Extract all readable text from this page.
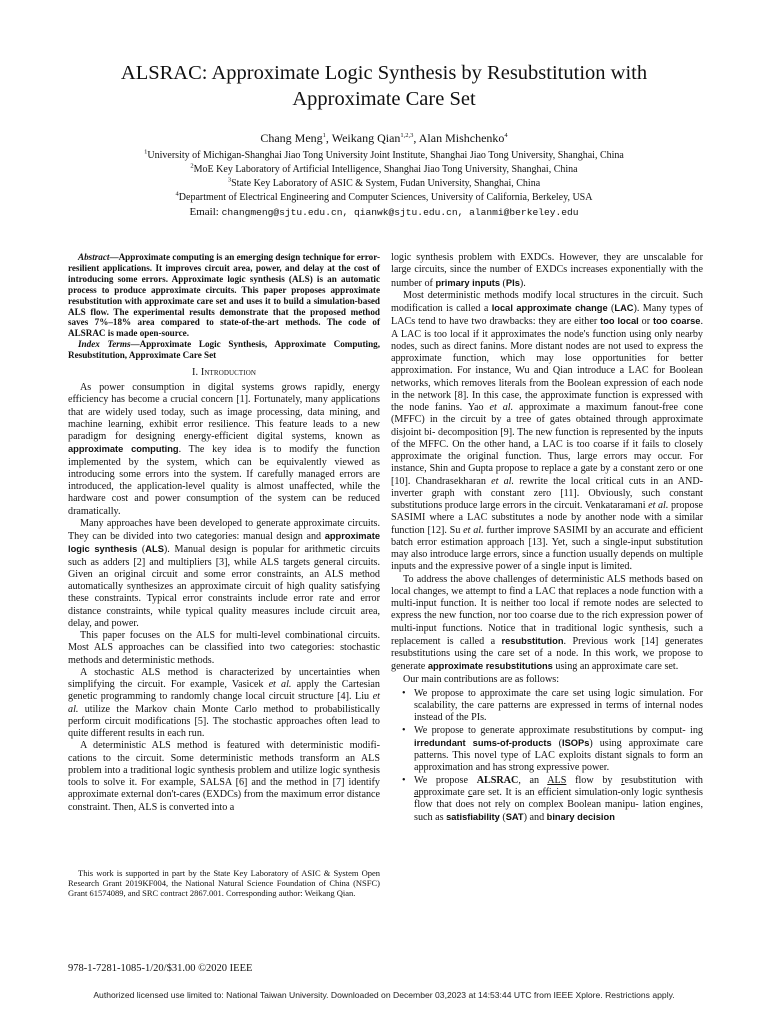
ALSRAC: Approximate Logic Synthesis by Resubstitution with
Approximate Care Set
Chang Meng$^1$, Weikang Qian$^{1,2,3}$, Alan Mishchenko$^4$
$^1$University of Michigan-Shanghai Jiao Tong University Joint Institute, Shanghai Jiao Tong University, Shanghai, China
$^2$MoE Key Laboratory of Artificial Intelligence, Shanghai Jiao Tong University, Shanghai, China
$^3$State Key Laboratory of ASIC & System, Fudan University, Shanghai, China
$^4$Department of Electrical Engineering and Computer Sciences, University of California, Berkeley, USA
Email: changmeng@sjtu.edu.cn, qianwk@sjtu.edu.cn, alanmi@berkeley.edu

Abstract—Approximate computing is an emerging design technique for error-resilient applications. It improves circuit area, power, and delay at the cost of introducing some errors. Approximate logic synthesis (ALS) is an automatic process to produce approximate circuits. This paper proposes approximate resubstitution with approximate care set and uses it to build a simulation-based ALS flow. The experimental results demonstrate that the proposed method saves 7%–18% area compared to state-of-the-art methods. The code of ALSRAC is made open-source.

Index Terms—Approximate Logic Synthesis, Approximate Computing, Resubstitution, Approximate Care Set

I. Introduction

As power consumption in digital systems grows rapidly, energy efficiency has become a crucial concern [1]. Fortunately, many applications that are widely used today, such as image processing, data mining, and machine learning, exhibit error resilience. This feature leads to a new paradigm for designing energy-efficient digital systems, known as approximate computing. The key idea is to modify the function implemented by the system, which can be equivalently viewed as introducing some errors into the system. If carefully managed errors are introduced, the application-level quality is almost unaffected, while the hardware cost and power consumption of the system can be reduced dramatically.

Many approaches have been developed to generate approximate circuits. They can be divided into two categories: manual design and approximate logic synthesis (ALS). Manual design is popular for arithmetic circuits such as adders [2] and multipliers [3], while ALS targets general circuits. Given an original circuit and some error constraints, an ALS method automatically synthesizes an approximate circuit of high quality satisfying these constraints. Typical error constraints include error rate and error distance constraints, while typical quality measures include circuit area, delay, and power.

This paper focuses on the ALS for multi-level combinational circuits. Most ALS approaches can be classified into two categories: stochastic methods and deterministic methods.

A stochastic ALS method is characterized by uncertainties when simplifying the circuit. For example, Vasicek et al. apply the Cartesian genetic programming to randomly change local circuit structure [4]. Liu et al. utilize the Markov chain Monte Carlo method to probabilistically perform circuit modifications [5]. The stochastic approaches often lead to quite different results in each run.

A deterministic ALS method is featured with deterministic modifi- cations to the circuit. Some deterministic methods transform an ALS problem into a traditional logic synthesis problem and utilize logic synthesis tools to solve it. For example, SALSA [6] and the method in [7] identify approximate external don't-cares (EXDCs) from the maximum error distance constraint. Then, ALS is converted into a

This work is supported in part by the State Key Laboratory of ASIC & System Open Research Grant 2019KF004, the National Natural Science Foundation of China (NSFC) Grant 61574089, and SRC contract 2867.001. Corresponding author: Weikang Qian.

logic synthesis problem with EXDCs. However, they are unscalable for large circuits, since the number of EXDCs increases exponentially with the number of primary inputs (PIs).

Most deterministic methods modify local structures in the circuit. Such modification is called a local approximate change (LAC). Many types of LACs tend to have two drawbacks: they are either too local or too coarse. A LAC is too local if it approximates the node's function using only nearby nodes, such as direct fanins. More distant nodes are not used to express the approximate function, which may lose opportunities for better approximation. For instance, Wu and Qian introduce a LAC for Boolean networks, which removes literals from the Boolean expression of each node in the network [8]. In this case, the approximate function is expressed with the node fanins. Yao et al. approximate a maximum fanout-free cone (MFFC) in the circuit by a tree of gates obtained through approximate disjoint bi- decomposition [9]. The new function is represented by the inputs of the MFFC. On the other hand, a LAC is too coarse if it fails to closely approximate the original function. Thus, large errors may occur. For instance, Shin and Gupta propose to replace a gate by a constant zero or one [10]. Chandrasekharan et al. rewrite the local critical cuts in an AND-inverter graph with constant zero [11]. Obviously, such constant substitutions produce large errors in the circuit. Venkataramani et al. propose SASIMI where a LAC substitutes a node by another node with a similar function [12]. Su et al. further improve SASIMI by an accurate and efficient batch error estimation approach [13]. Yet, such a single-input substitution may also introduce large errors, since a function usually depends on multiple inputs and the expressive power of a single input is limited.

To address the above challenges of deterministic ALS methods based on local changes, we attempt to find a LAC that replaces a node function with a multi-input function. It is neither too local if remote nodes are selected to express the new function, nor too coarse due to the rich expression power of multi-input functions. Notice that in traditional logic synthesis, such a replacement is called a resubstitution. Previous work [14] generates resubstitutions using the care set of a node. In this work, we propose to generate approximate resubstitutions using an approximate care set.

Our main contributions are as follows:

• We propose to approximate the care set using logic simulation. For scalability, the care patterns are expressed in terms of internal nodes instead of the PIs.
• We propose to generate approximate resubstitutions by comput- ing irredundant sums-of-products (ISOPs) using approximate care patterns. This novel type of LAC exploits distant signals to form an approximation and has strong expressive power.
• We propose ALSRAC, an ALS flow by resubstitution with approximate care set. It is an efficient simulation-only logic synthesis flow that does not rely on complex Boolean manipu- lation engines, such as satisfiability (SAT) and binary decision
978-1-7281-1085-1/20/$31.00 ©2020 IEEE
Authorized licensed use limited to: National Taiwan University. Downloaded on December 03,2023 at 14:53:44 UTC from IEEE Xplore. Restrictions apply.
